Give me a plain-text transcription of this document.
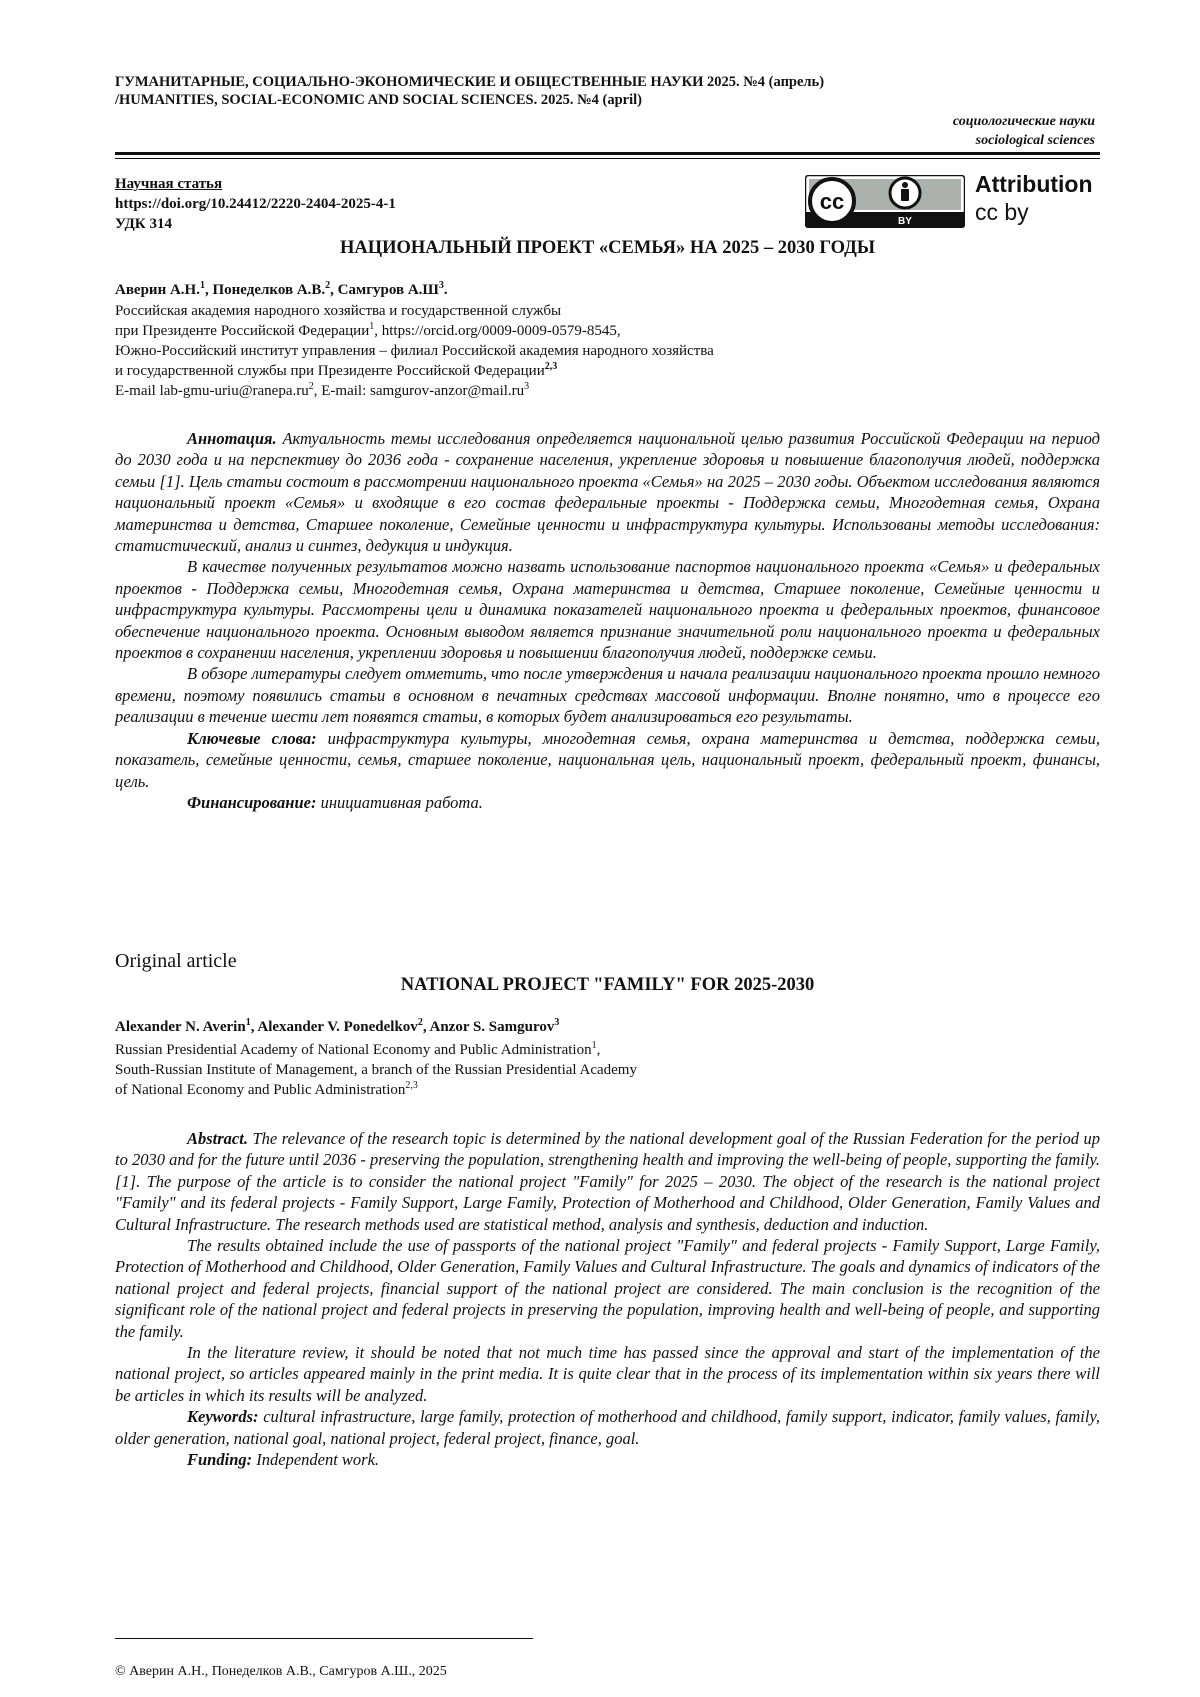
ГУМАНИТАРНЫЕ, СОЦИАЛЬНО-ЭКОНОМИЧЕСКИЕ И ОБЩЕСТВЕННЫЕ НАУКИ 2025. №4 (апрель)
/HUMANITIES, SOCIAL-ECONOMIC AND SOCIAL SCIENCES. 2025. №4 (april)
социологические науки
sociological sciences
Научная статья
https://doi.org/10.24412/2220-2404-2025-4-1
УДК 314
cc
BY
Attribution
cc by
НАЦИОНАЛЬНЫЙ ПРОЕКТ «СЕМЬЯ» НА 2025 – 2030 ГОДЫ
Аверин А.Н.$^1$, Понеделков А.В.$^2$, Самгуров $А.Ш^3$.
Российская академия народного хозяйства и государственной службы
при Президенте Российской Федерации$^1$, https://orcid.org/0009-0009-0579-8545,
Южно-Российский институт управления – филиал Российской академия народного хозяйства
и государственной службы при Президенте Российской Федерации$^{2,3}$
E-mail lab-$gmu-uriu@ranepa.ru^2$, E-mail: samgurov-$anzor@mail.ru^3$

Аннотация. Актуальность темы исследования определяется национальной целью развития Российской Федерации на период до 2030 года и на перспективу до 2036 года - сохранение населения, укрепление здоровья и повышение благополучия людей, поддержка семьи [1]. Цель статьи состоит в рассмотрении национального проекта «Семья» на 2025 – 2030 годы. Объектом исследования являются национальный проект «Семья» и входящие в его состав федеральные проекты - Поддержка семьи, Многодетная семья, Охрана материнства и детства, Старшее поколение, Семейные ценности и инфраструктура культуры. Использованы методы исследования: статистический, анализ и синтез, дедукция и индукция.

В качестве полученных результатов можно назвать использование паспортов национального проекта «Семья» и федеральных проектов - Поддержка семьи, Многодетная семья, Охрана материнства и детства, Старшее поколение, Семейные ценности и инфраструктура культуры. Рассмотрены цели и динамика показателей национального проекта и федеральных проектов, финансовое обеспечение национального проекта. Основным выводом является признание значительной роли национального проекта и федеральных проектов в сохранении населения, укреплении здоровья и повышении благополучия людей, поддержке семьи.

В обзоре литературы следует отметить, что после утверждения и начала реализации национального проекта прошло немного времени, поэтому появились статьи в основном в печатных средствах массовой информации. Вполне понятно, что в процессе его реализации в течение шести лет появятся статьи, в которых будет анализироваться его результаты.

Ключевые слова: инфраструктура культуры, многодетная семья, охрана материнства и детства, поддержка семьи, показатель, семейные ценности, семья, старшее поколение, национальная цель, национальный проект, федеральный проект, финансы, цель.

Финансирование: инициативная работа.

Original article
NATIONAL PROJECT "FAMILY" FOR 2025-2030
Alexander N. Averin$^1$, Alexander V. Ponedelkov$^2$, Anzor S. Samgurov$^3$
Russian Presidential Academy of National Economy and Public Administration$^1$,
South-Russian Institute of Management, a branch of the Russian Presidential Academy
of National Economy and Public Administration$^{2,3}$

Abstract. The relevance of the research topic is determined by the national development goal of the Russian Federation for the period up to 2030 and for the future until 2036 - preserving the population, strengthening health and improving the well-being of people, supporting the family. [1]. The purpose of the article is to consider the national project "Family" for 2025 – 2030. The object of the research is the national project "Family" and its federal projects - Family Support, Large Family, Protection of Motherhood and Childhood, Older Generation, Family Values and Cultural Infrastructure. The research methods used are statistical method, analysis and synthesis, deduction and induction.

The results obtained include the use of passports of the national project "Family" and federal projects - Family Support, Large Family, Protection of Motherhood and Childhood, Older Generation, Family Values and Cultural Infrastructure. The goals and dynamics of indicators of the national project and federal projects, financial support of the national project are considered. The main conclusion is the recognition of the significant role of the national project and federal projects in preserving the population, improving health and well-being of people, and supporting the family.

In the literature review, it should be noted that not much time has passed since the approval and start of the implementation of the national project, so articles appeared mainly in the print media. It is quite clear that in the process of its implementation within six years there will be articles in which its results will be analyzed.

Keywords: cultural infrastructure, large family, protection of motherhood and childhood, family support, indicator, family values, family, older generation, national goal, national project, federal project, finance, goal.

Funding: Independent work.

© Аверин А.Н., Понеделков А.В., Самгуров А.Ш., 2025
